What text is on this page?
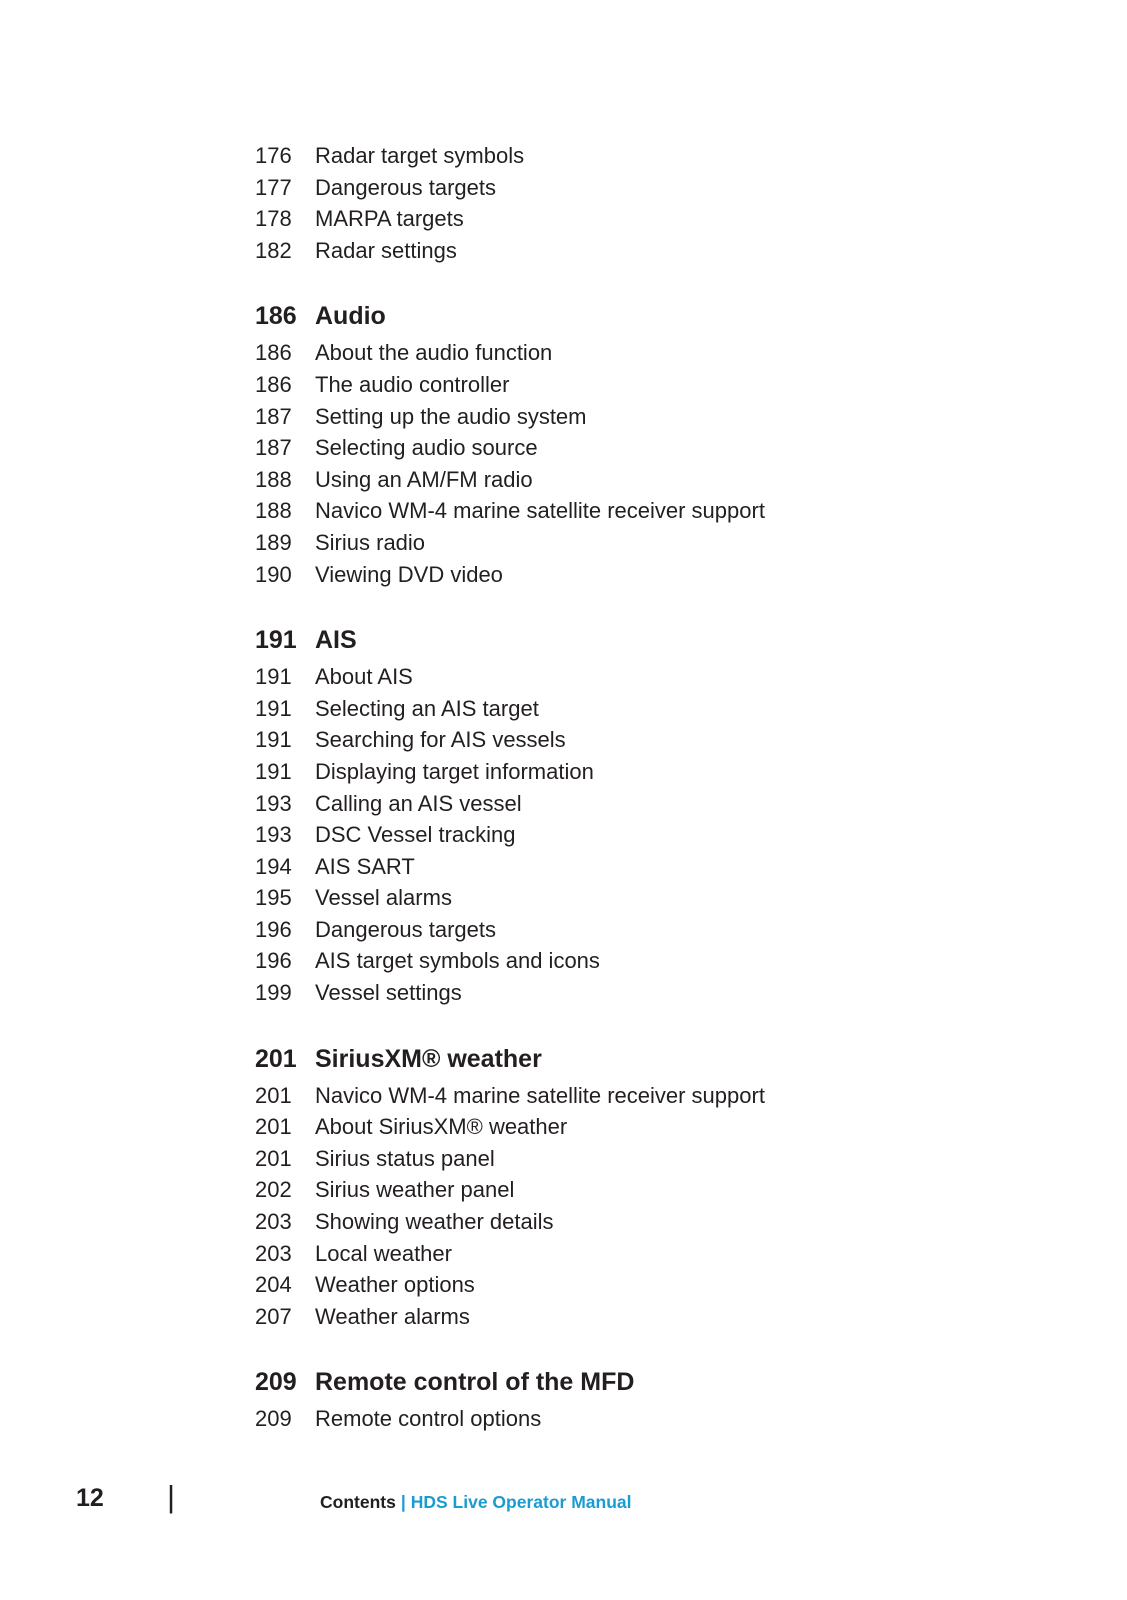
176	Radar target symbols
177	Dangerous targets
178	MARPA targets
182	Radar settings
186 Audio
186	About the audio function
186	The audio controller
187	Setting up the audio system
187	Selecting audio source
188	Using an AM/FM radio
188	Navico WM-4 marine satellite receiver support
189	Sirius radio
190	Viewing DVD video
191 AIS
191	About AIS
191	Selecting an AIS target
191	Searching for AIS vessels
191	Displaying target information
193	Calling an AIS vessel
193	DSC Vessel tracking
194	AIS SART
195	Vessel alarms
196	Dangerous targets
196	AIS target symbols and icons
199	Vessel settings
201 SiriusXM® weather
201	Navico WM-4 marine satellite receiver support
201	About SiriusXM® weather
201	Sirius status panel
202	Sirius weather panel
203	Showing weather details
203	Local weather
204	Weather options
207	Weather alarms
209 Remote control of the MFD
209	Remote control options
12 |	Contents | HDS Live Operator Manual
